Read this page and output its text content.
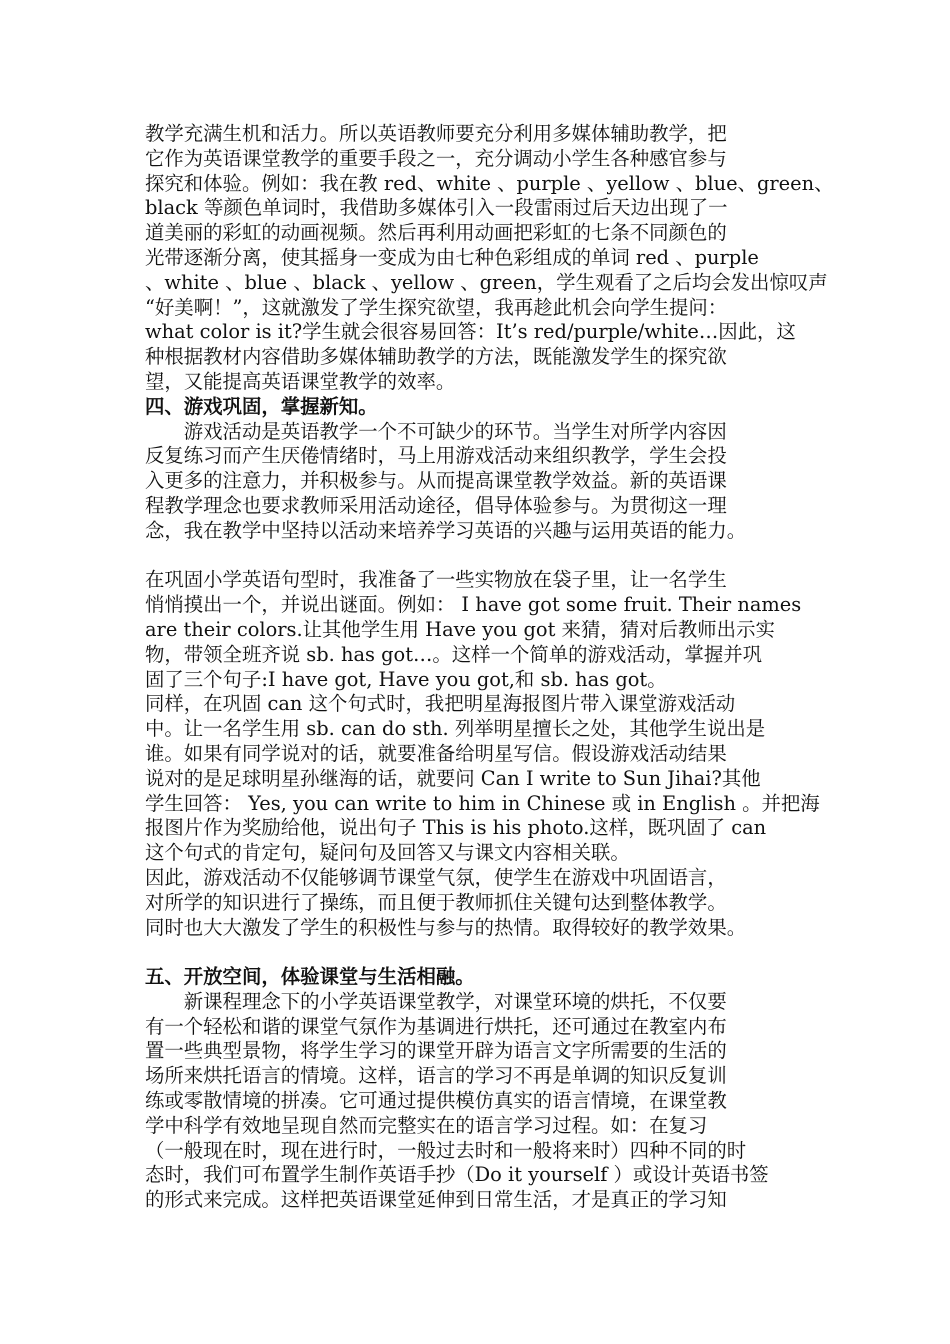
教学充满生机和活力。所以英语教师要充分利用多媒体辅助教学，把
它作为英语课堂教学的重要手段之一，充分调动小学生各种感官参与
探究和体验。例如：我在教 red、white 、purple 、yellow 、blue、green、
black 等颜色单词时，我借助多媒体引入一段雷雨过后天边出现了一
道美丽的彩虹的动画视频。然后再利用动画把彩虹的七条不同颜色的
光带逐渐分离，使其摇身一变成为由七种色彩组成的单词 red 、purple
、white 、blue 、black 、yellow 、green，学生观看了之后均会发出惊叹声
“好美啊！”，这就激发了学生探究欲望，我再趁此机会向学生提问：
what color is it?学生就会很容易回答：It’s red/purple/white…因此，这
种根据教材内容借助多媒体辅助教学的方法，既能激发学生的探究欲
望，又能提高英语课堂教学的效率。
四、游戏巩固，掌握新知。
　　游戏活动是英语教学一个不可缺少的环节。当学生对所学内容因
反复练习而产生厌倦情绪时，马上用游戏活动来组织教学，学生会投
入更多的注意力，并积极参与。从而提高课堂教学效益。新的英语课
程教学理念也要求教师采用活动途径，倡导体验参与。为贯彻这一理
念，我在教学中坚持以活动来培养学习英语的兴趣与运用英语的能力。
在巩固小学英语句型时，我准备了一些实物放在袋子里，让一名学生
悄悄摸出一个，并说出谜面。例如： I have got some fruit. Their names
are their colors.让其他学生用 Have you got 来猜，猜对后教师出示实
物，带领全班齐说 sb. has got…。这样一个简单的游戏活动，掌握并巩
固了三个句子:I have got, Have you got,和 sb. has got。
同样，在巩固 can 这个句式时，我把明星海报图片带入课堂游戏活动
中。让一名学生用 sb. can do sth. 列举明星擅长之处，其他学生说出是
谁。如果有同学说对的话，就要准备给明星写信。假设游戏活动结果
说对的是足球明星孙继海的话，就要问 Can I write to Sun Jihai?其他
学生回答： Yes, you can write to him in Chinese 或 in English 。并把海
报图片作为奖励给他，说出句子 This is his photo.这样，既巩固了 can
这个句式的肯定句，疑问句及回答又与课文内容相关联。
因此，游戏活动不仅能够调节课堂气氛，使学生在游戏中巩固语言，
对所学的知识进行了操练，而且便于教师抓住关键句达到整体教学。
同时也大大激发了学生的积极性与参与的热情。取得较好的教学效果。
五、开放空间，体验课堂与生活相融。
　　新课程理念下的小学英语课堂教学，对课堂环境的烘托，不仅要
有一个轻松和谐的课堂气氛作为基调进行烘托，还可通过在教室内布
置一些典型景物，将学生学习的课堂开辟为语言文字所需要的生活的
场所来烘托语言的情境。这样，语言的学习不再是单调的知识反复训
练或零散情境的拼凑。它可通过提供模仿真实的语言情境，在课堂教
学中科学有效地呈现自然而完整实在的语言学习过程。如：在复习
（一般现在时，现在进行时，一般过去时和一般将来时）四种不同的时
态时，我们可布置学生制作英语手抄（Do it yourself ）或设计英语书签
的形式来完成。这样把英语课堂延伸到日常生活，才是真正的学习知
